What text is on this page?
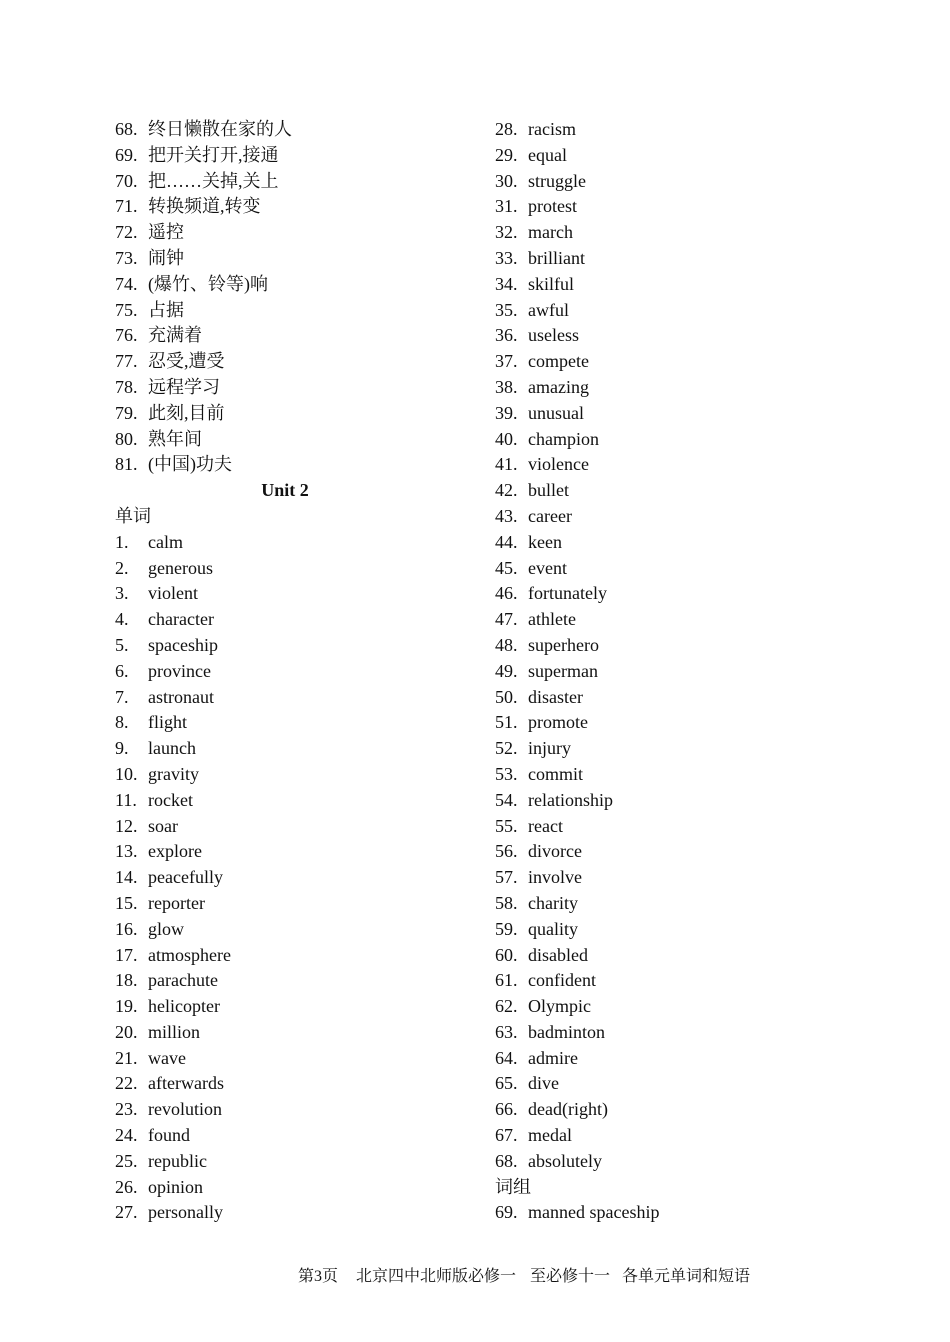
68. 终日懒散在家的人
69. 把开关打开,接通
70. 把……关掉,关上
71. 转换频道,转变
72. 遥控
73. 闹钟
74. (爆竹、铃等)响
75. 占据
76. 充满着
77. 忍受,遭受
78. 远程学习
79. 此刻,目前
80. 熟年间
81. (中国)功夫
Unit 2
单词
1.	calm
2.	generous
3.	violent
4.	character
5.	spaceship
6.	province
7.	astronaut
8.	flight
9.	launch
10. gravity
11. rocket
12. soar
13. explore
14. peacefully
15. reporter
16. glow
17. atmosphere
18. parachute
19. helicopter
20. million
21. wave
22. afterwards
23. revolution
24. found
25. republic
26. opinion
27. personally
28. racism
29. equal
30. struggle
31. protest
32. march
33. brilliant
34. skilful
35. awful
36. useless
37. compete
38. amazing
39. unusual
40. champion
41. violence
42. bullet
43. career
44. keen
45. event
46. fortunately
47. athlete
48. superhero
49. superman
50. disaster
51. promote
52. injury
53. commit
54. relationship
55. react
56. divorce
57. involve
58. charity
59. quality
60. disabled
61. confident
62. Olympic
63. badminton
64. admire
65. dive
66. dead(right)
67. medal
68. absolutely
词组
69. manned spaceship
第3页 北京四中北师版必修一 至必修十一 各单元单词和短语
